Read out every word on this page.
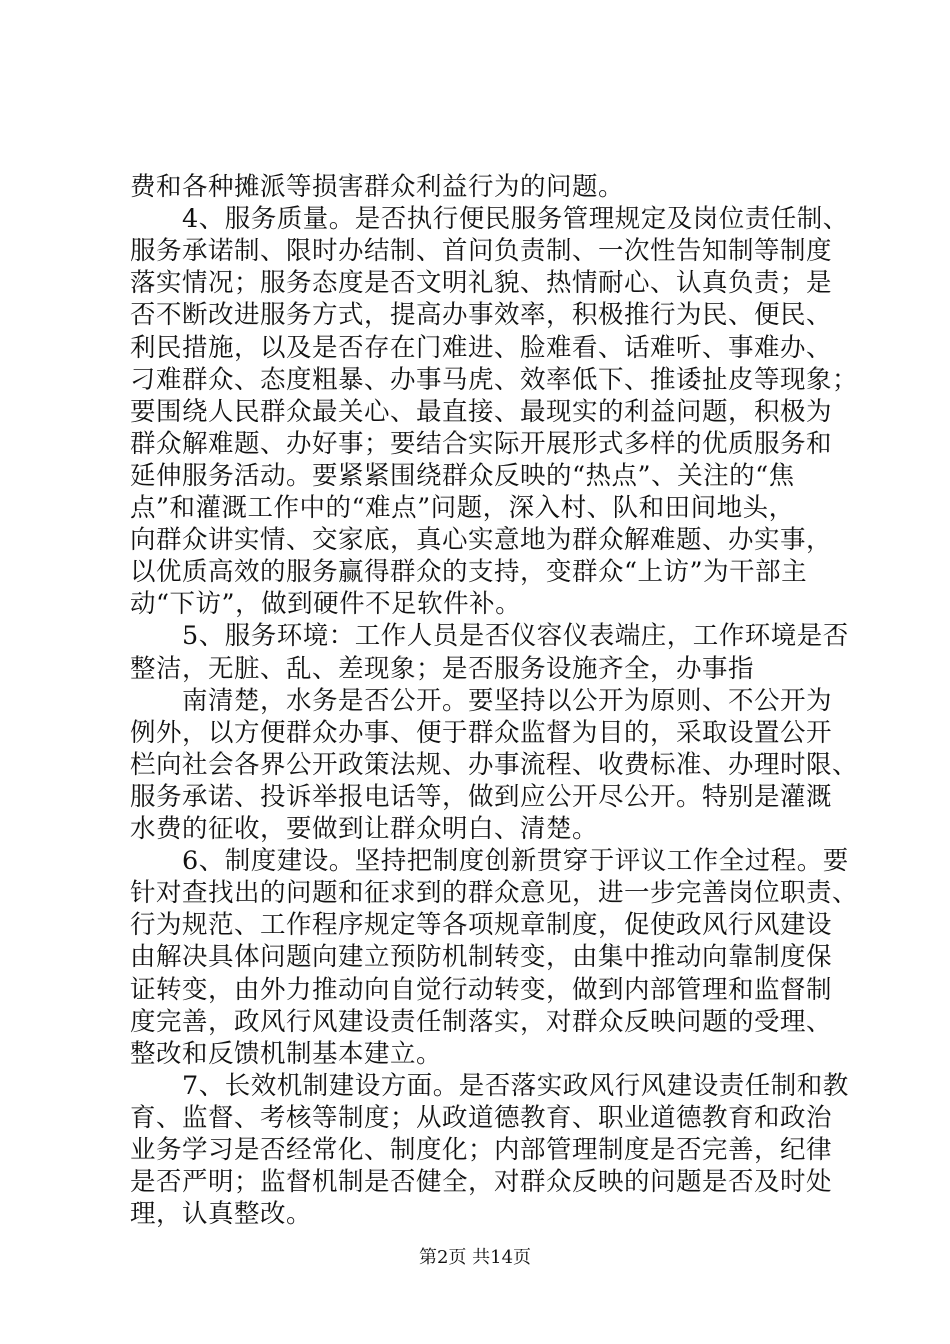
费和各种摊派等损害群众利益行为的问题。
　　4、服务质量。是否执行便民服务管理规定及岗位责任制、
服务承诺制、限时办结制、首问负责制、一次性告知制等制度
落实情况；服务态度是否文明礼貌、热情耐心、认真负责；是
否不断改进服务方式，提高办事效率，积极推行为民、便民、
利民措施，以及是否存在门难进、脸难看、话难听、事难办、
刁难群众、态度粗暴、办事马虎、效率低下、推诿扯皮等现象；
要围绕人民群众最关心、最直接、最现实的利益问题，积极为
群众解难题、办好事；要结合实际开展形式多样的优质服务和
延伸服务活动。要紧紧围绕群众反映的“热点”、关注的“焦
点”和灌溉工作中的“难点”问题，深入村、队和田间地头，
向群众讲实情、交家底，真心实意地为群众解难题、办实事，
以优质高效的服务赢得群众的支持，变群众“上访”为干部主
动“下访”，做到硬件不足软件补。
　　5、服务环境：工作人员是否仪容仪表端庄，工作环境是否
整洁，无脏、乱、差现象；是否服务设施齐全，办事指
　　南清楚，水务是否公开。要坚持以公开为原则、不公开为
例外，以方便群众办事、便于群众监督为目的，采取设置公开
栏向社会各界公开政策法规、办事流程、收费标准、办理时限、
服务承诺、投诉举报电话等，做到应公开尽公开。特别是灌溉
水费的征收，要做到让群众明白、清楚。
　　6、制度建设。坚持把制度创新贯穿于评议工作全过程。要
针对查找出的问题和征求到的群众意见，进一步完善岗位职责、
行为规范、工作程序规定等各项规章制度，促使政风行风建设
由解决具体问题向建立预防机制转变，由集中推动向靠制度保
证转变，由外力推动向自觉行动转变，做到内部管理和监督制
度完善，政风行风建设责任制落实，对群众反映问题的受理、
整改和反馈机制基本建立。
　　7、长效机制建设方面。是否落实政风行风建设责任制和教
育、监督、考核等制度；从政道德教育、职业道德教育和政治
业务学习是否经常化、制度化；内部管理制度是否完善，纪律
是否严明；监督机制是否健全，对群众反映的问题是否及时处
理，认真整改。
第2页 共14页
